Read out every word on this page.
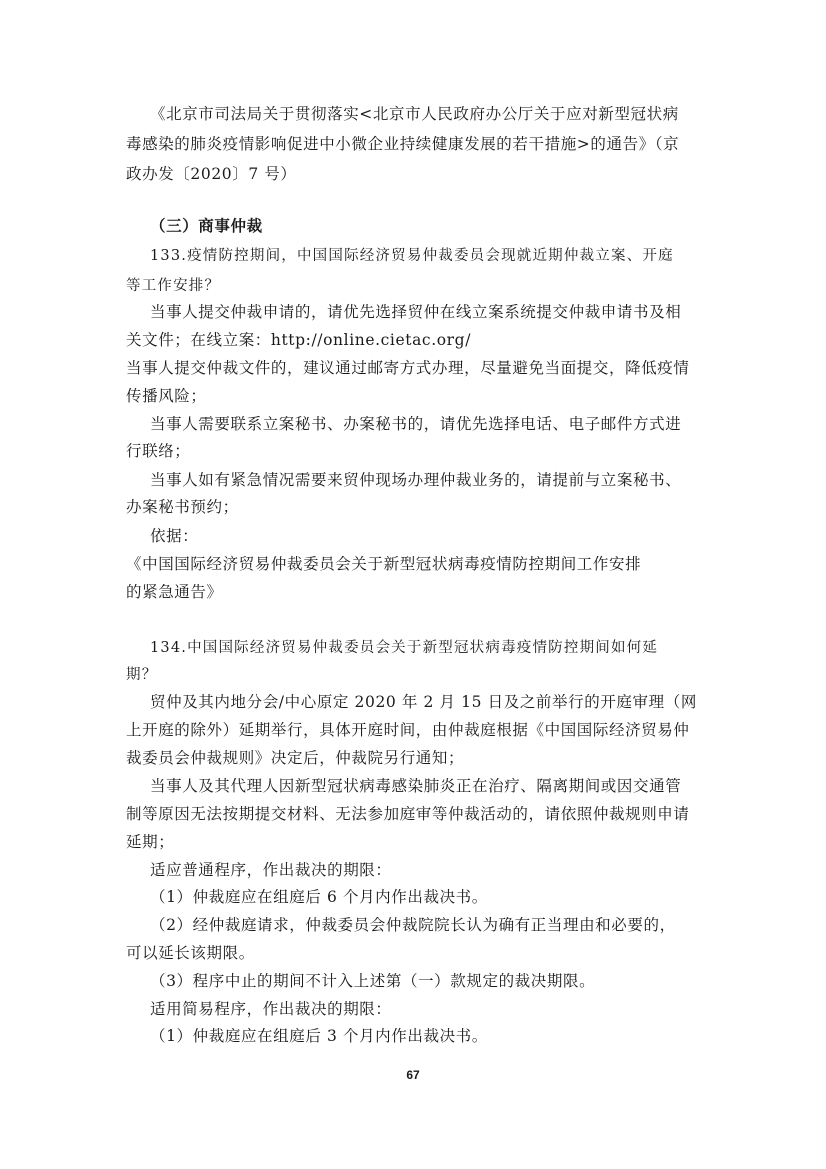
《北京市司法局关于贯彻落实<北京市人民政府办公厅关于应对新型冠状病
毒感染的肺炎疫情影响促进中小微企业持续健康发展的若干措施>的通告》（京
政办发〔2020〕7 号）
（三）商事仲裁
133.疫情防控期间，中国国际经济贸易仲裁委员会现就近期仲裁立案、开庭
等工作安排？
当事人提交仲裁申请的，请优先选择贸仲在线立案系统提交仲裁申请书及相
关文件；在线立案：http://online.cietac.org/
当事人提交仲裁文件的，建议通过邮寄方式办理，尽量避免当面提交，降低疫情
传播风险；
当事人需要联系立案秘书、办案秘书的，请优先选择电话、电子邮件方式进
行联络；
当事人如有紧急情况需要来贸仲现场办理仲裁业务的，请提前与立案秘书、
办案秘书预约；
依据：
《中国国际经济贸易仲裁委员会关于新型冠状病毒疫情防控期间工作安排
的紧急通告》
134.中国国际经济贸易仲裁委员会关于新型冠状病毒疫情防控期间如何延
期？
贸仲及其内地分会/中心原定 2020 年 2 月 15 日及之前举行的开庭审理（网
上开庭的除外）延期举行，具体开庭时间，由仲裁庭根据《中国国际经济贸易仲
裁委员会仲裁规则》决定后，仲裁院另行通知；
当事人及其代理人因新型冠状病毒感染肺炎正在治疗、隔离期间或因交通管
制等原因无法按期提交材料、无法参加庭审等仲裁活动的，请依照仲裁规则申请
延期；
适应普通程序，作出裁决的期限：
（1）仲裁庭应在组庭后 6 个月内作出裁决书。
（2）经仲裁庭请求，仲裁委员会仲裁院院长认为确有正当理由和必要的，
可以延长该期限。
（3）程序中止的期间不计入上述第（一）款规定的裁决期限。
适用简易程序，作出裁决的期限：
（1）仲裁庭应在组庭后 3 个月内作出裁决书。
67
